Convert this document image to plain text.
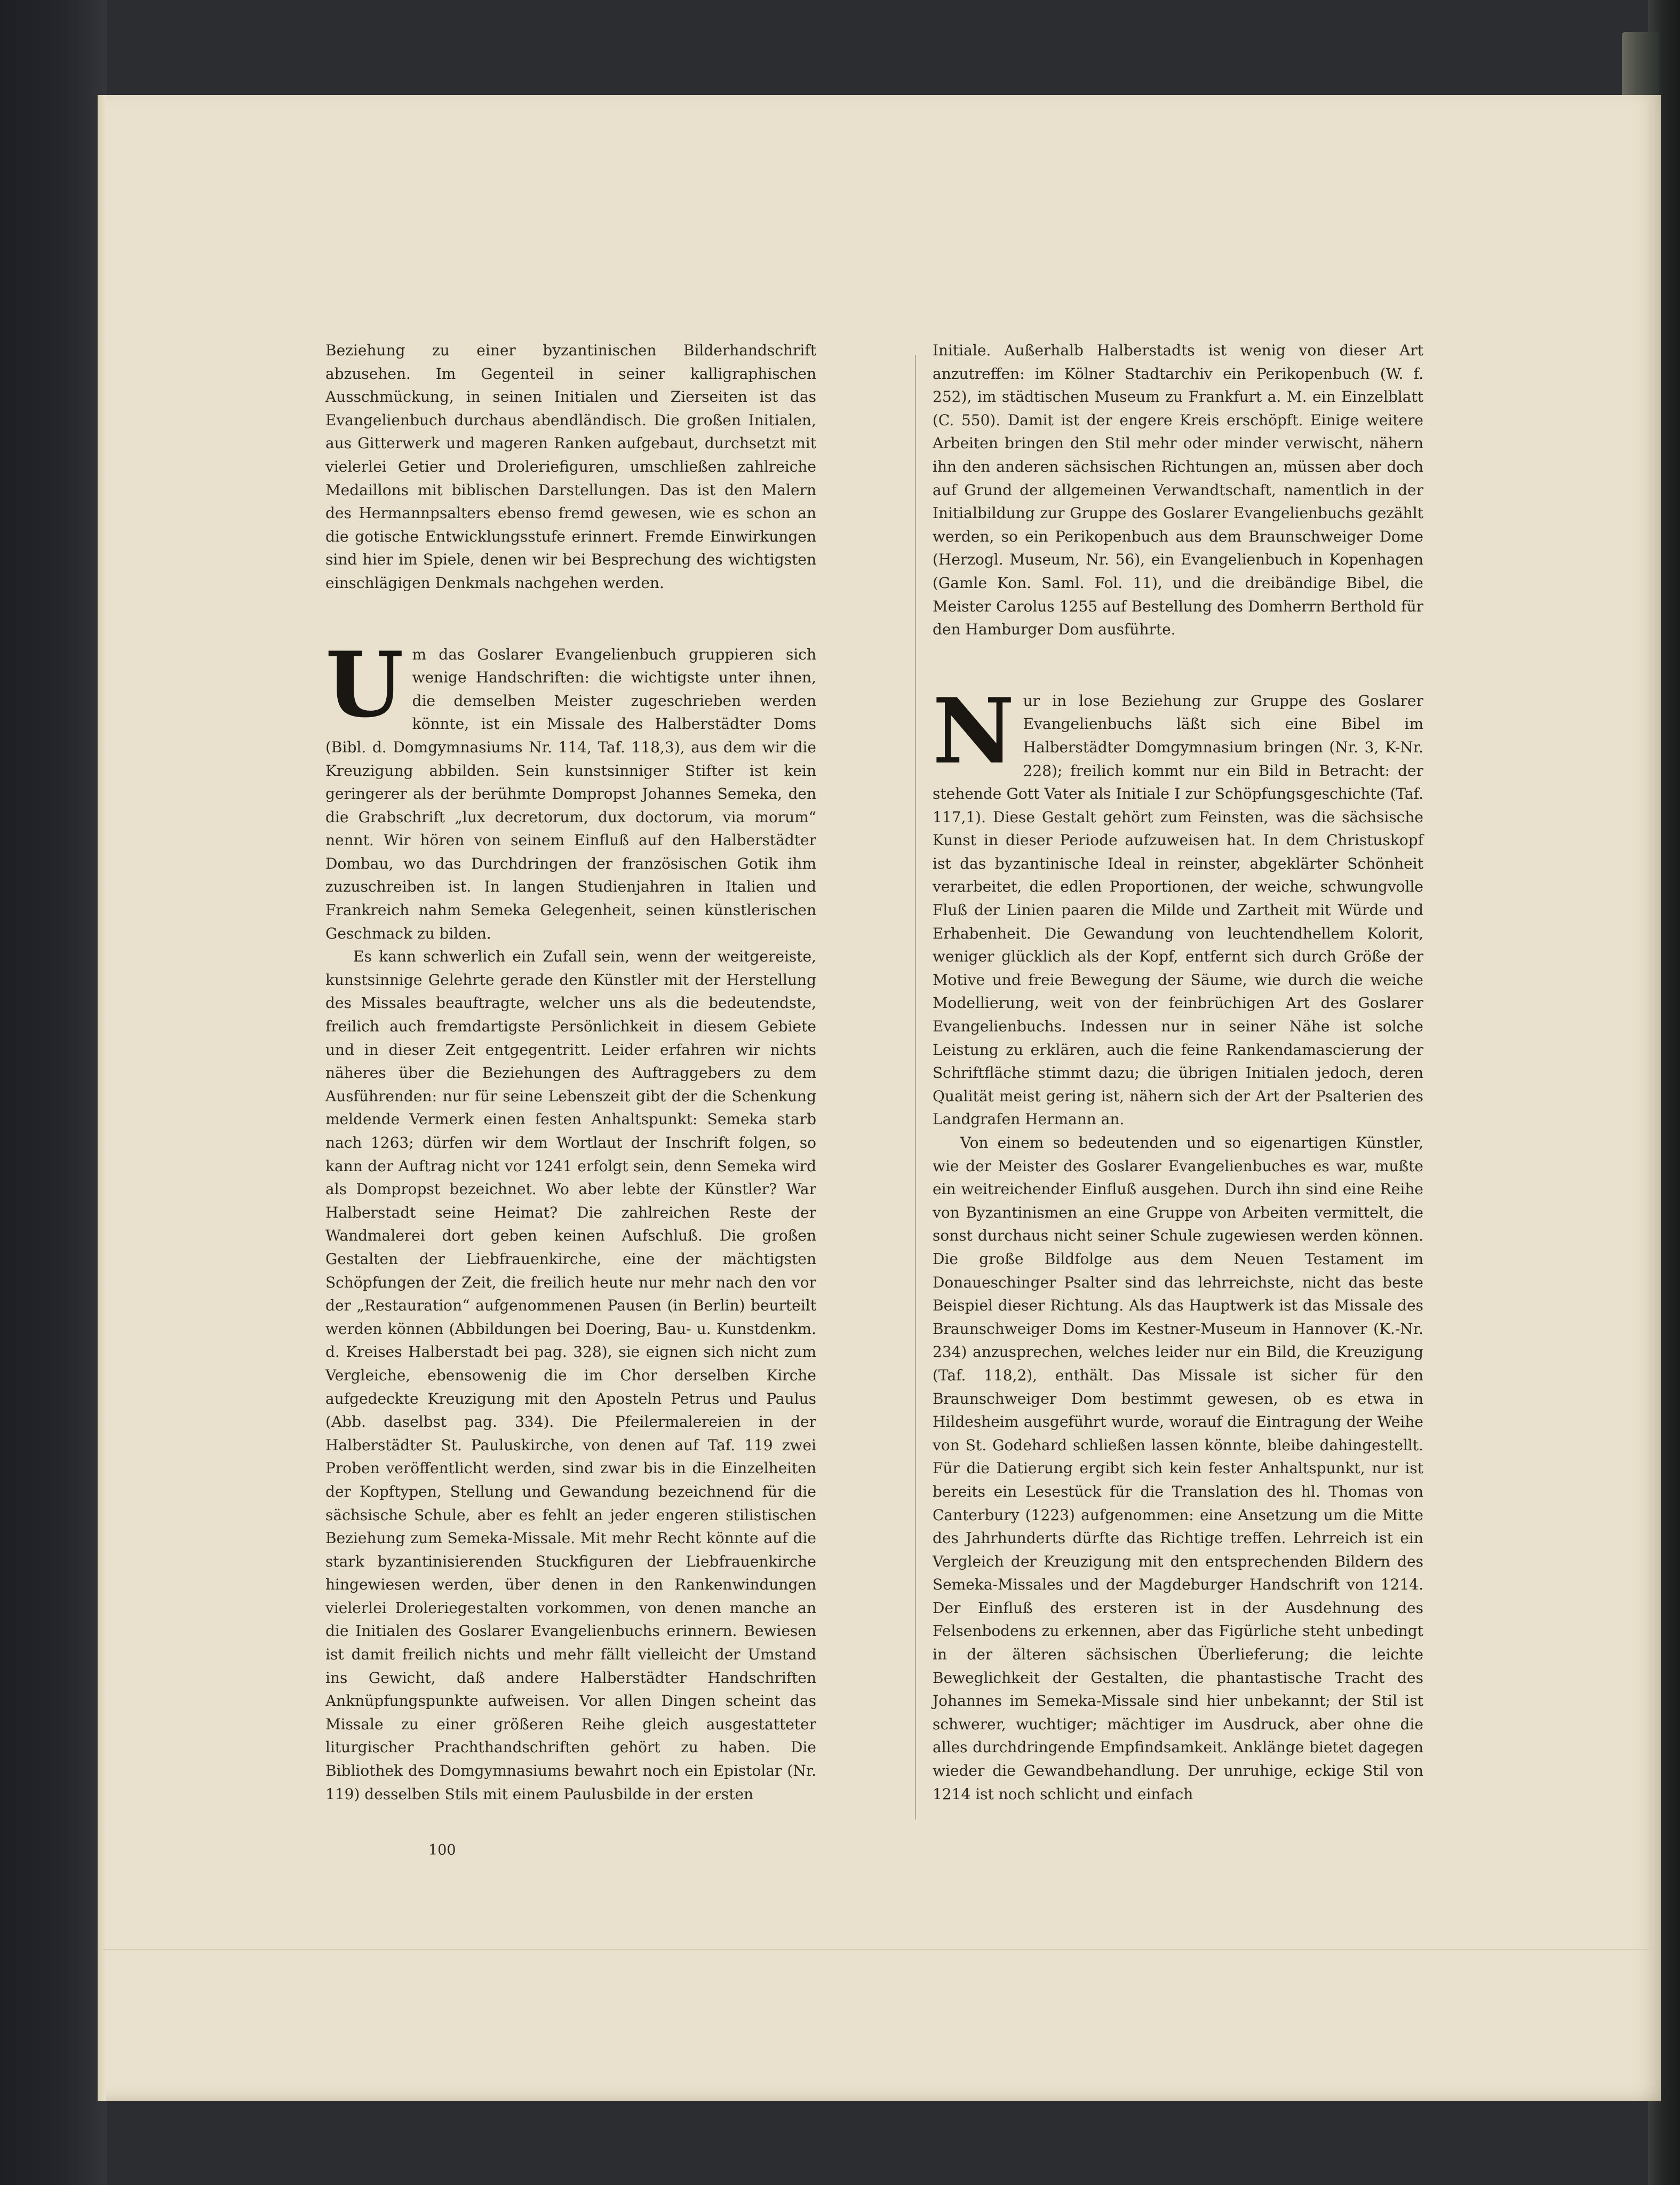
Beziehung zu einer byzantinischen Bilderhandschrift abzusehen. Im Gegenteil in seiner kalligraphischen Ausschmückung, in seinen Initialen und Zierseiten ist das Evangelienbuch durchaus abendländisch. Die großen Initialen, aus Gitterwerk und mageren Ranken aufgebaut, durchsetzt mit vielerlei Getier und Droleriefiguren, umschließen zahlreiche Medaillons mit biblischen Darstellungen. Das ist den Malern des Hermannpsalters ebenso fremd gewesen, wie es schon an die gotische Entwicklungsstufe erinnert. Fremde Einwirkungen sind hier im Spiele, denen wir bei Besprechung des wichtigsten einschlägigen Denkmals nachgehen werden.

U m das Goslarer Evangelienbuch gruppieren sich wenige Handschriften: die wichtigste unter ihnen, die demselben Meister zugeschrieben werden könnte, ist ein Missale des Halberstädter Doms (Bibl. d. Domgymnasiums Nr. 114, Taf. 118,3), aus dem wir die Kreuzigung abbilden. Sein kunstsinniger Stifter ist kein geringerer als der berühmte Dompropst Johannes Semeka, den die Grabschrift „lux decretorum, dux doctorum, via morum“ nennt. Wir hören von seinem Einfluß auf den Halberstädter Dombau, wo das Durchdringen der französischen Gotik ihm zuzuschreiben ist. In langen Studienjahren in Italien und Frankreich nahm Semeka Gelegenheit, seinen künstlerischen Geschmack zu bilden.

Es kann schwerlich ein Zufall sein, wenn der weitgereiste, kunstsinnige Gelehrte gerade den Künstler mit der Herstellung des Missales beauftragte, welcher uns als die bedeutendste, freilich auch fremdartigste Persönlichkeit in diesem Gebiete und in dieser Zeit entgegentritt. Leider erfahren wir nichts näheres über die Beziehungen des Auftraggebers zu dem Ausführenden: nur für seine Lebenszeit gibt der die Schenkung meldende Vermerk einen festen Anhaltspunkt: Semeka starb nach 1263; dürfen wir dem Wortlaut der Inschrift folgen, so kann der Auftrag nicht vor 1241 erfolgt sein, denn Semeka wird als Dompropst bezeichnet. Wo aber lebte der Künstler? War Halberstadt seine Heimat? Die zahlreichen Reste der Wandmalerei dort geben keinen Aufschluß. Die großen Gestalten der Liebfrauenkirche, eine der mächtigsten Schöpfungen der Zeit, die freilich heute nur mehr nach den vor der „Restauration“ aufgenommenen Pausen (in Berlin) beurteilt werden können (Abbildungen bei Doering, Bau- u. Kunstdenkm. d. Kreises Halberstadt bei pag. 328), sie eignen sich nicht zum Vergleiche, ebensowenig die im Chor derselben Kirche aufgedeckte Kreuzigung mit den Aposteln Petrus und Paulus (Abb. daselbst pag. 334). Die Pfeilermalereien in der Halberstädter St. Pauluskirche, von denen auf Taf. 119 zwei Proben veröffentlicht werden, sind zwar bis in die Einzelheiten der Kopftypen, Stellung und Gewandung bezeichnend für die sächsische Schule, aber es fehlt an jeder engeren stilistischen Beziehung zum Semeka-Missale. Mit mehr Recht könnte auf die stark byzantinisierenden Stuckfiguren der Liebfrauenkirche hingewiesen werden, über denen in den Rankenwindungen vielerlei Droleriegestalten vorkommen, von denen manche an die Initialen des Goslarer Evangelienbuchs erinnern. Bewiesen ist damit freilich nichts und mehr fällt vielleicht der Umstand ins Gewicht, daß andere Halberstädter Handschriften Anknüpfungspunkte aufweisen. Vor allen Dingen scheint das Missale zu einer größeren Reihe gleich ausgestatteter liturgischer Prachthandschriften gehört zu haben. Die Bibliothek des Domgymnasiums bewahrt noch ein Epistolar (Nr. 119) desselben Stils mit einem Paulusbilde in der ersten

Initiale. Außerhalb Halberstadts ist wenig von dieser Art anzutreffen: im Kölner Stadtarchiv ein Perikopenbuch (W. f. 252), im städtischen Museum zu Frankfurt a. M. ein Einzelblatt (C. 550). Damit ist der engere Kreis erschöpft. Einige weitere Arbeiten bringen den Stil mehr oder minder verwischt, nähern ihn den anderen sächsischen Richtungen an, müssen aber doch auf Grund der allgemeinen Verwandtschaft, namentlich in der Initialbildung zur Gruppe des Goslarer Evangelienbuchs gezählt werden, so ein Perikopenbuch aus dem Braunschweiger Dome (Herzogl. Museum, Nr. 56), ein Evangelienbuch in Kopenhagen (Gamle Kon. Saml. Fol. 11), und die dreibändige Bibel, die Meister Carolus 1255 auf Bestellung des Domherrn Berthold für den Hamburger Dom ausführte.

N ur in lose Beziehung zur Gruppe des Goslarer Evangelienbuchs läßt sich eine Bibel im Halberstädter Domgymnasium bringen (Nr. 3, K-Nr. 228); freilich kommt nur ein Bild in Betracht: der stehende Gott Vater als Initiale I zur Schöpfungsgeschichte (Taf. 117,1). Diese Gestalt gehört zum Feinsten, was die sächsische Kunst in dieser Periode aufzuweisen hat. In dem Christuskopf ist das byzantinische Ideal in reinster, abgeklärter Schönheit verarbeitet, die edlen Proportionen, der weiche, schwungvolle Fluß der Linien paaren die Milde und Zartheit mit Würde und Erhabenheit. Die Gewandung von leuchtendhellem Kolorit, weniger glücklich als der Kopf, entfernt sich durch Größe der Motive und freie Bewegung der Säume, wie durch die weiche Modellierung, weit von der feinbrüchigen Art des Goslarer Evangelienbuchs. Indessen nur in seiner Nähe ist solche Leistung zu erklären, auch die feine Rankendamascierung der Schriftfläche stimmt dazu; die übrigen Initialen jedoch, deren Qualität meist gering ist, nähern sich der Art der Psalterien des Landgrafen Hermann an.

Von einem so bedeutenden und so eigenartigen Künstler, wie der Meister des Goslarer Evangelienbuches es war, mußte ein weitreichender Einfluß ausgehen. Durch ihn sind eine Reihe von Byzantinismen an eine Gruppe von Arbeiten vermittelt, die sonst durchaus nicht seiner Schule zugewiesen werden können. Die große Bildfolge aus dem Neuen Testament im Donaueschinger Psalter sind das lehrreichste, nicht das beste Beispiel dieser Richtung. Als das Hauptwerk ist das Missale des Braunschweiger Doms im Kestner-Museum in Hannover (K.-Nr. 234) anzusprechen, welches leider nur ein Bild, die Kreuzigung (Taf. 118,2), enthält. Das Missale ist sicher für den Braunschweiger Dom bestimmt gewesen, ob es etwa in Hildesheim ausgeführt wurde, worauf die Eintragung der Weihe von St. Godehard schließen lassen könnte, bleibe dahingestellt. Für die Datierung ergibt sich kein fester Anhaltspunkt, nur ist bereits ein Lesestück für die Translation des hl. Thomas von Canterbury (1223) aufgenommen: eine Ansetzung um die Mitte des Jahrhunderts dürfte das Richtige treffen. Lehrreich ist ein Vergleich der Kreuzigung mit den entsprechenden Bildern des Semeka-Missales und der Magdeburger Handschrift von 1214. Der Einfluß des ersteren ist in der Ausdehnung des Felsenbodens zu erkennen, aber das Figürliche steht unbedingt in der älteren sächsischen Überlieferung; die leichte Beweglichkeit der Gestalten, die phantastische Tracht des Johannes im Semeka-Missale sind hier unbekannt; der Stil ist schwerer, wuchtiger; mächtiger im Ausdruck, aber ohne die alles durchdringende Empfindsamkeit. Anklänge bietet dagegen wieder die Gewandbehandlung. Der unruhige, eckige Stil von 1214 ist noch schlicht und einfach

100
